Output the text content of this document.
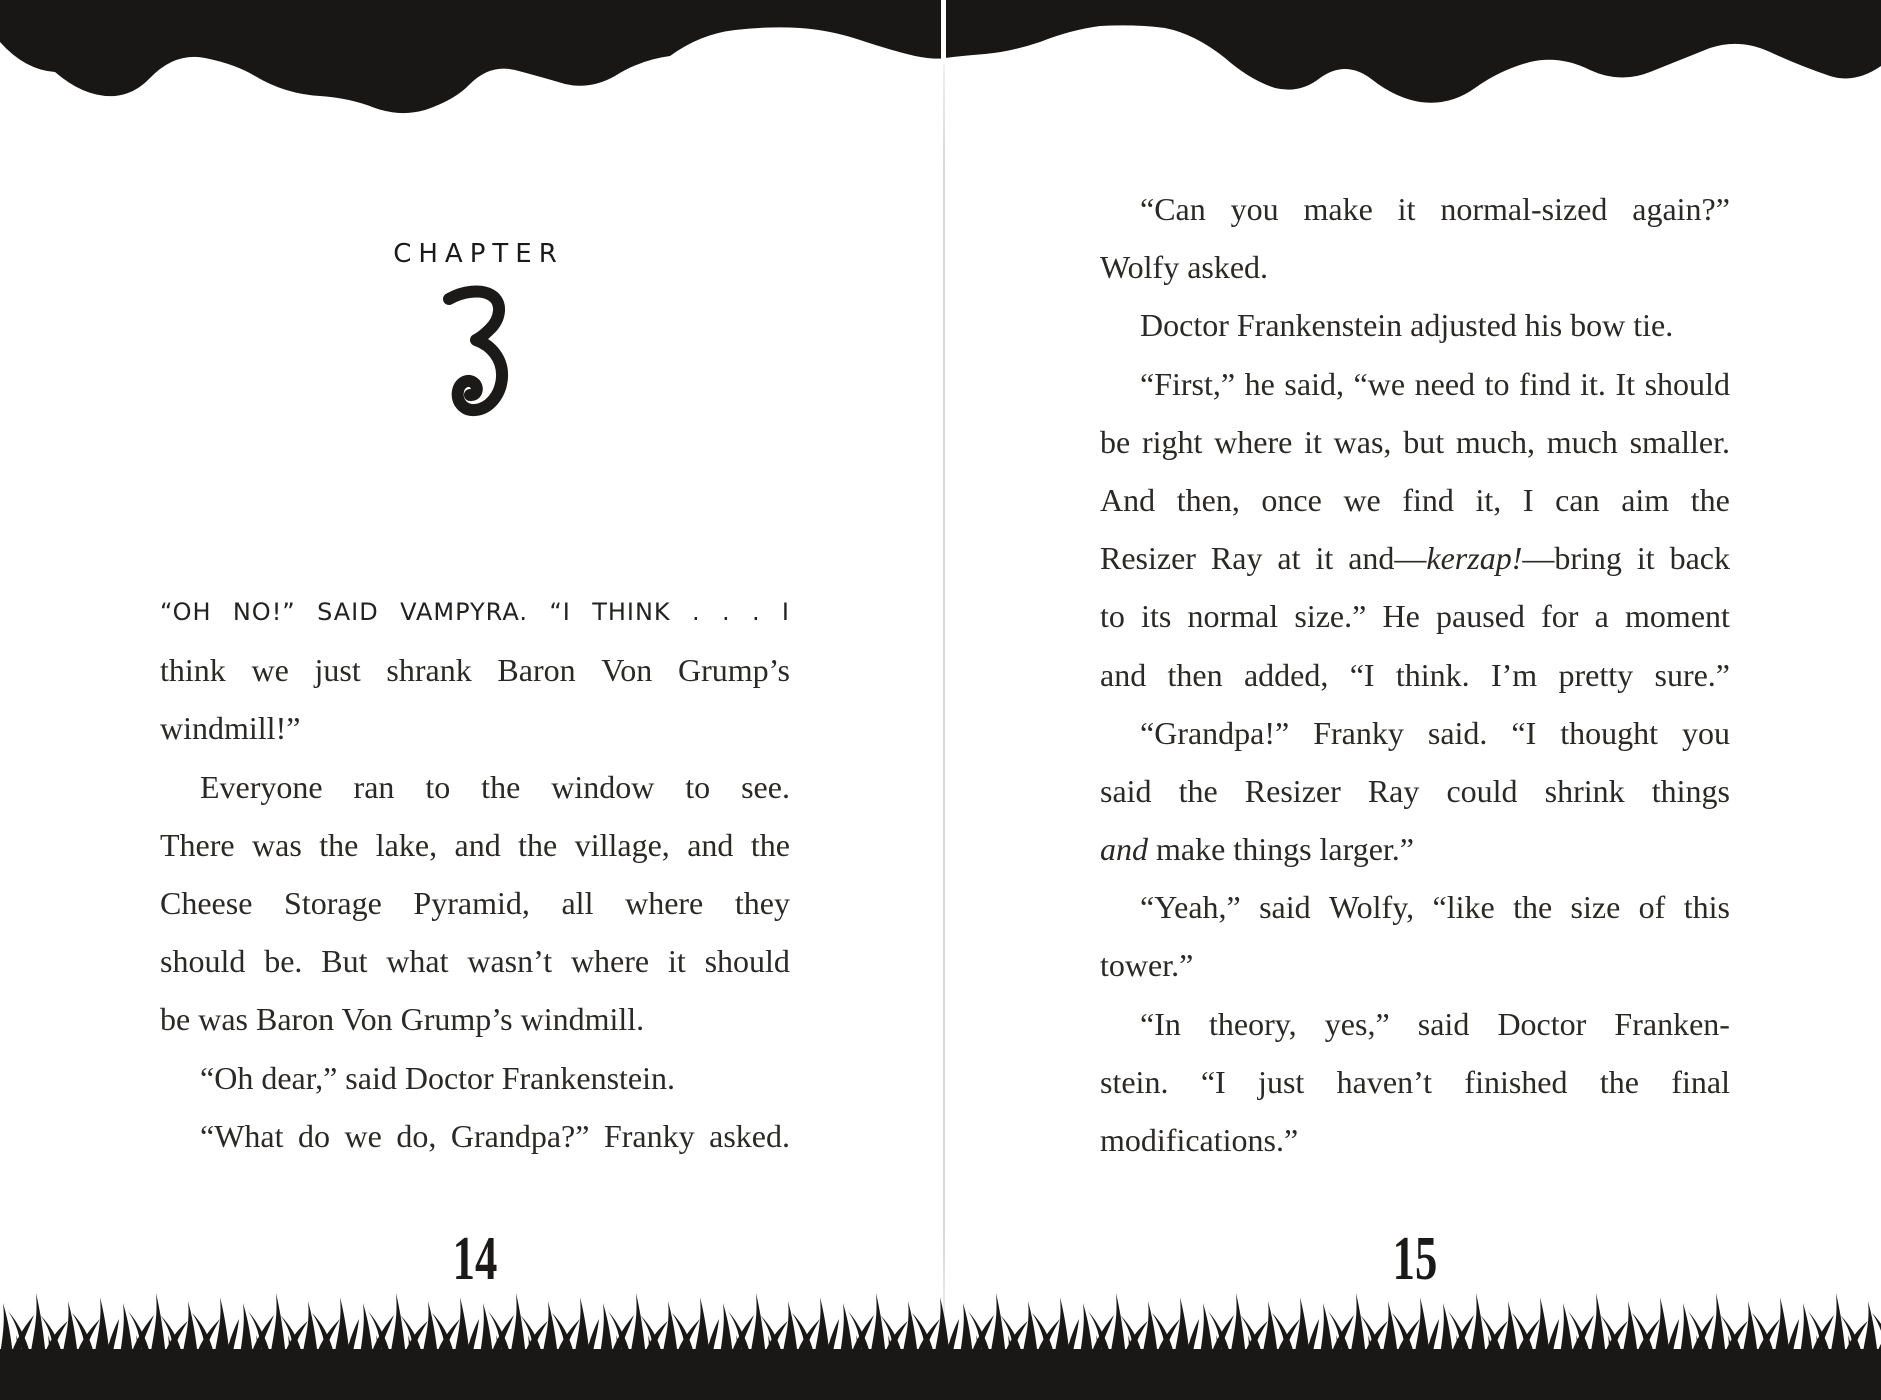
CHAPTER
“OH NO!” SAID VAMPYRA. “I THINK . . . I
think we just shrank Baron Von Grump’s
windmill!”
Everyone ran to the window to see.
There was the lake, and the village, and the
Cheese Storage Pyramid, all where they
should be. But what wasn’t where it should
be was Baron Von Grump’s windmill.
“Oh dear,” said Doctor Frankenstein.
“What do we do, Grandpa?” Franky asked.
14
“Can you make it normal-sized again?”
Wolfy asked.
Doctor Frankenstein adjusted his bow tie.
“First,” he said, “we need to find it. It should
be right where it was, but much, much smaller.
And then, once we find it, I can aim the
Resizer Ray at it and—kerzap!—bring it back
to its normal size.” He paused for a moment
and then added, “I think. I’m pretty sure.”
“Grandpa!” Franky said. “I thought you
said the Resizer Ray could shrink things
and make things larger.”
“Yeah,” said Wolfy, “like the size of this
tower.”
“In theory, yes,” said Doctor Franken-
stein. “I just haven’t finished the final
modifications.”
15
